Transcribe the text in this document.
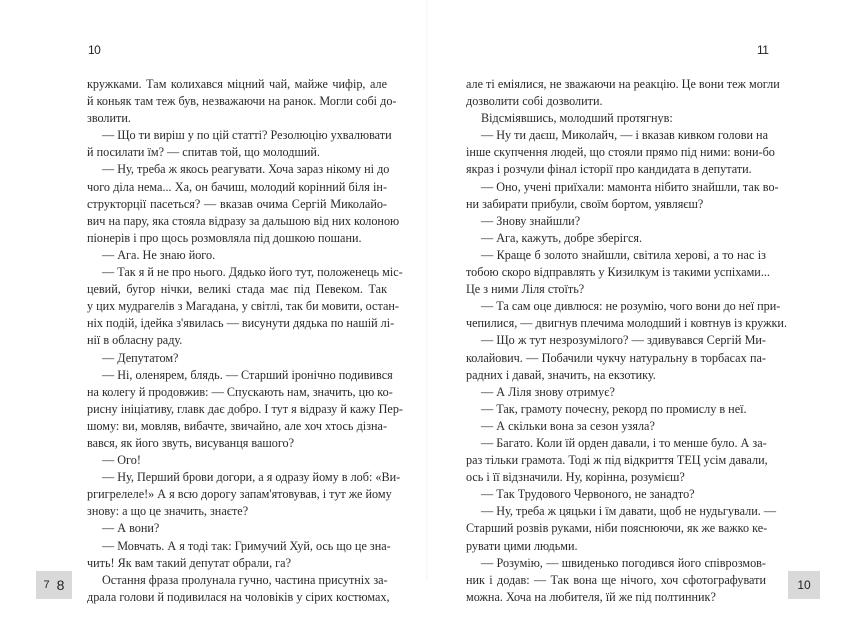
10
кружками. Там колихався міцний чай, майже чифір, але
й коньяк там теж був, незважаючи на ранок. Могли собі до-
зволити.
— Що ти виріш у по цій статті? Резолюцію ухвалювати
й посилати їм? — спитав той, що молодший.
— Ну, треба ж якось реагувати. Хоча зараз нікому ні до
чого діла нема... Ха, он бачиш, молодий корінний біля ін-
структорції пасеться? — вказав очима Сергій Миколайо-
вич на пару, яка стояла відразу за дальшою від них колоною
піонерів і про щось розмовляла під дошкою пошани.
— Ага. Не знаю його.
— Так я й не про нього. Дядько його тут, положенець міс-
цевий, бугор нічки, великі стада має під Певеком. Так
у цих мудрагелів з Магадана, у світлі, так би мовити, остан-
ніх подій, ідейка з'явилась — висунути дядька по нашій лі-
нії в обласну раду.
— Депутатом?
— Ні, оленярем, блядь. — Старший іронічно подивився
на колегу й продовжив: — Спускають нам, значить, цю ко-
рисну ініціативу, главк дає добро. І тут я відразу й кажу Пер-
шому: ви, мовляв, вибачте, звичайно, але хоч хтось дізна-
вався, як його звуть, висуванця вашого?
— Ого!
— Ну, Перший брови догори, а я одразу йому в лоб: «Ви-
ргигрелеле!» А я всю дорогу запам'ятовував, і тут же йому
знову: а що це значить, знаєте?
— А вони?
— Мовчать. А я тоді так: Гримучий Хуй, ось що це зна-
чить! Як вам такий депутат обрали, га?
Остання фраза пролунала гучно, частина присутніх за-
драла голови й подивилася на чоловіків у сірих костюмах,
11
але ті еміялися, не зважаючи на реакцію. Це вони теж могли
дозволити собі дозволити.
Відсміявшись, молодший протягнув:
— Ну ти даєш, Миколайч, — і вказав кивком голови на
інше скупчення людей, що стояли прямо під ними: вони-бо
якраз і розчули фінал історії про кандидата в депутати.
— Оно, учені приїхали: мамонта нібито знайшли, так во-
ни забирати прибули, своїм бортом, уявляєш?
— Знову знайшли?
— Ага, кажуть, добре зберігся.
— Краще б золото знайшли, світила херові, а то нас із
тобою скоро відправлять у Кизилкум із такими успіхами...
Це з ними Ліля стоїть?
— Та сам оце дивлюся: не розумію, чого вони до неї при-
чепилися, — двигнув плечима молодший і ковтнув із кружки.
— Що ж тут незрозумілого? — здивувався Сергій Ми-
колайович. — Побачили чукчу натуральну в торбасах па-
радних і давай, значить, на екзотику.
— А Ліля знову отримує?
— Так, грамоту почесну, рекорд по промислу в неї.
— А скільки вона за сезон узяла?
— Багато. Коли їй орден давали, і то менше було. А за-
раз тільки грамота. Тоді ж під відкриття ТЕЦ усім давали,
ось і її відзначили. Ну, корінна, розумієш?
— Так Трудового Червоного, не занадто?
— Ну, треба ж цяцьки і їм давати, щоб не нудьгували. —
Старший розвів руками, ніби пояснюючи, як же важко ке-
рувати цими людьми.
— Розумію, — швиденько погодився його співрозмов-
ник і додав: — Так вона ще нічого, хоч сфотографувати
можна. Хоча на любителя, їй же під полтинник?
7 8	10
